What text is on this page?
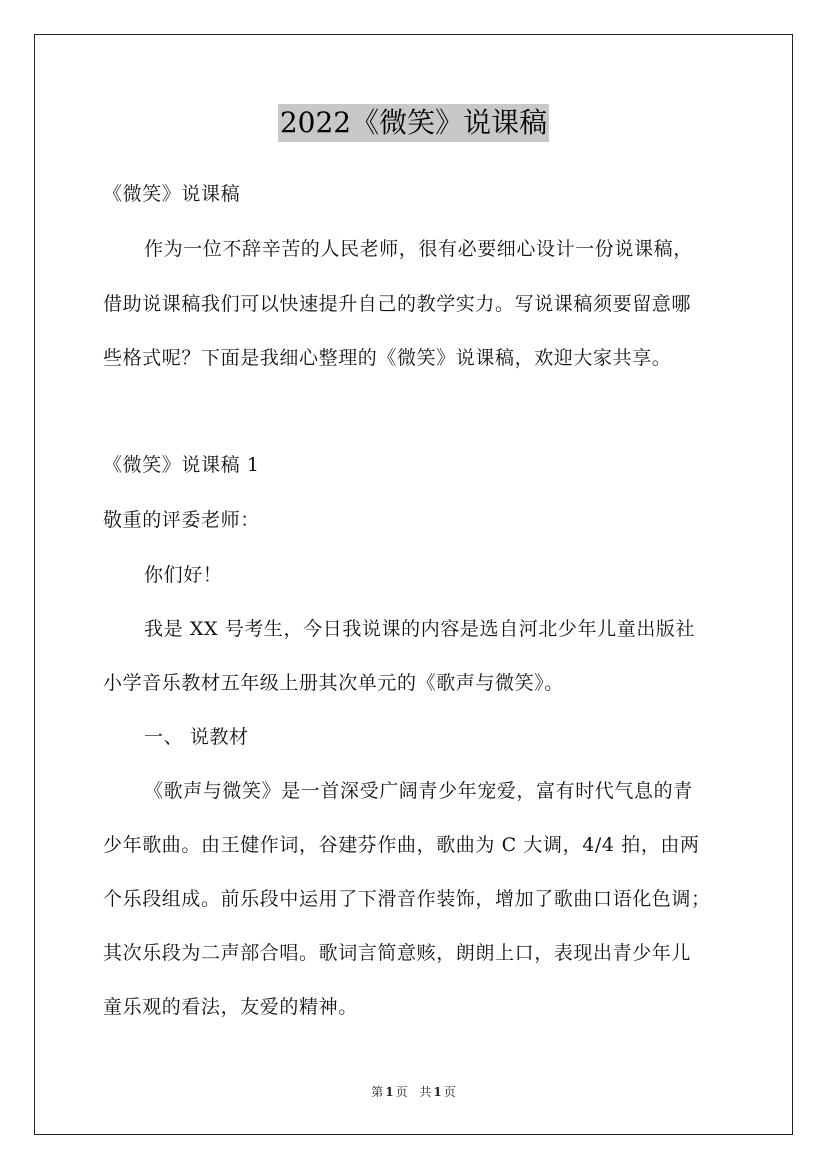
2022《微笑》说课稿
《微笑》说课稿
作为一位不辞辛苦的人民老师，很有必要细心设计一份说课稿，
借助说课稿我们可以快速提升自己的教学实力。写说课稿须要留意哪
些格式呢？下面是我细心整理的《微笑》说课稿，欢迎大家共享。
《微笑》说课稿 1
敬重的评委老师：
你们好！
我是 XX 号考生，今日我说课的内容是选自河北少年儿童出版社
小学音乐教材五年级上册其次单元的《歌声与微笑》。
一、 说教材
《歌声与微笑》是一首深受广阔青少年宠爱，富有时代气息的青
少年歌曲。由王健作词，谷建芬作曲，歌曲为 C 大调，4/4 拍，由两
个乐段组成。前乐段中运用了下滑音作装饰，增加了歌曲口语化色调；
其次乐段为二声部合唱。歌词言简意赅，朗朗上口，表现出青少年儿
童乐观的看法，友爱的精神。
第 1 页 共 1 页
